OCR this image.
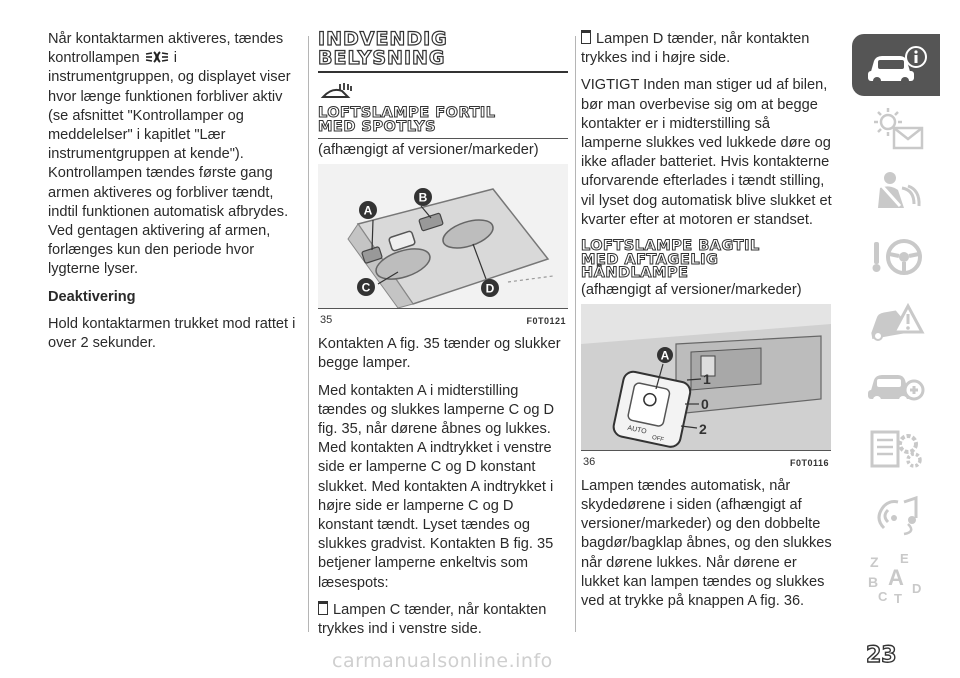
Når kontaktarmen aktiveres, tændes kontrollampen  i instrumentgruppen, og displayet viser hvor længe funktionen forbliver aktiv (se afsnittet "Kontrollamper og meddelelser" i kapitlet "Lær instrumentgruppen at kende"). Kontrollampen tændes første gang armen aktiveres og forbliver tændt, indtil funktionen automatisk afbrydes. Ved gentagen aktivering af armen, forlænges kun den periode hvor lygterne lyser.

Deaktivering

Hold kontaktarmen trukket mod rattet i over 2 sekunder.

INDVENDIG
BELYSNING
LOFTSLAMPE FORTIL
MED SPOTLYS

(afhængigt af versioner/markeder)

A
B
C	D
35	F0T0121

Kontakten A fig. 35 tænder og slukker begge lamper.

Med kontakten A i midterstilling tændes og slukkes lamperne C og D fig. 35, når dørene åbnes og lukkes. Med kontakten A indtrykket i venstre side er lamperne C og D konstant slukket. Med kontakten A indtrykket i højre side er lamperne C og D konstant tændt. Lyset tændes og slukkes gradvist. Kontakten B fig. 35 betjener lamperne enkeltvis som læsespots:

Lampen C tænder, når kontakten trykkes ind i venstre side.

Lampen D tænder, når kontakten trykkes ind i højre side.

VIGTIGT Inden man stiger ud af bilen, bør man overbevise sig om at begge kontakter er i midterstilling så lamperne slukkes ved lukkede døre og ikke aflader batteriet. Hvis kontakterne uforvarende efterlades i tændt stilling, vil lyset dog automatisk blive slukket et kvarter efter at motoren er standset.

LOFTSLAMPE BAGTIL
MED AFTAGELIG
HÅNDLAMPE

(afhængigt af versioner/markeder)

AUTO
OFF
A
1
0
2
36	F0T0116

Lampen tændes automatisk, når skydedørene i siden (afhængigt af versioner/markeder) og den dobbelte bagdør/bagklap åbnes, og den slukkes når dørene lukkes. Når dørene er lukket kan lampen tændes og slukkes ved at trykke på knappen A fig. 36.

Z E
B A
C
D
T
23
carmanualsonline.info
